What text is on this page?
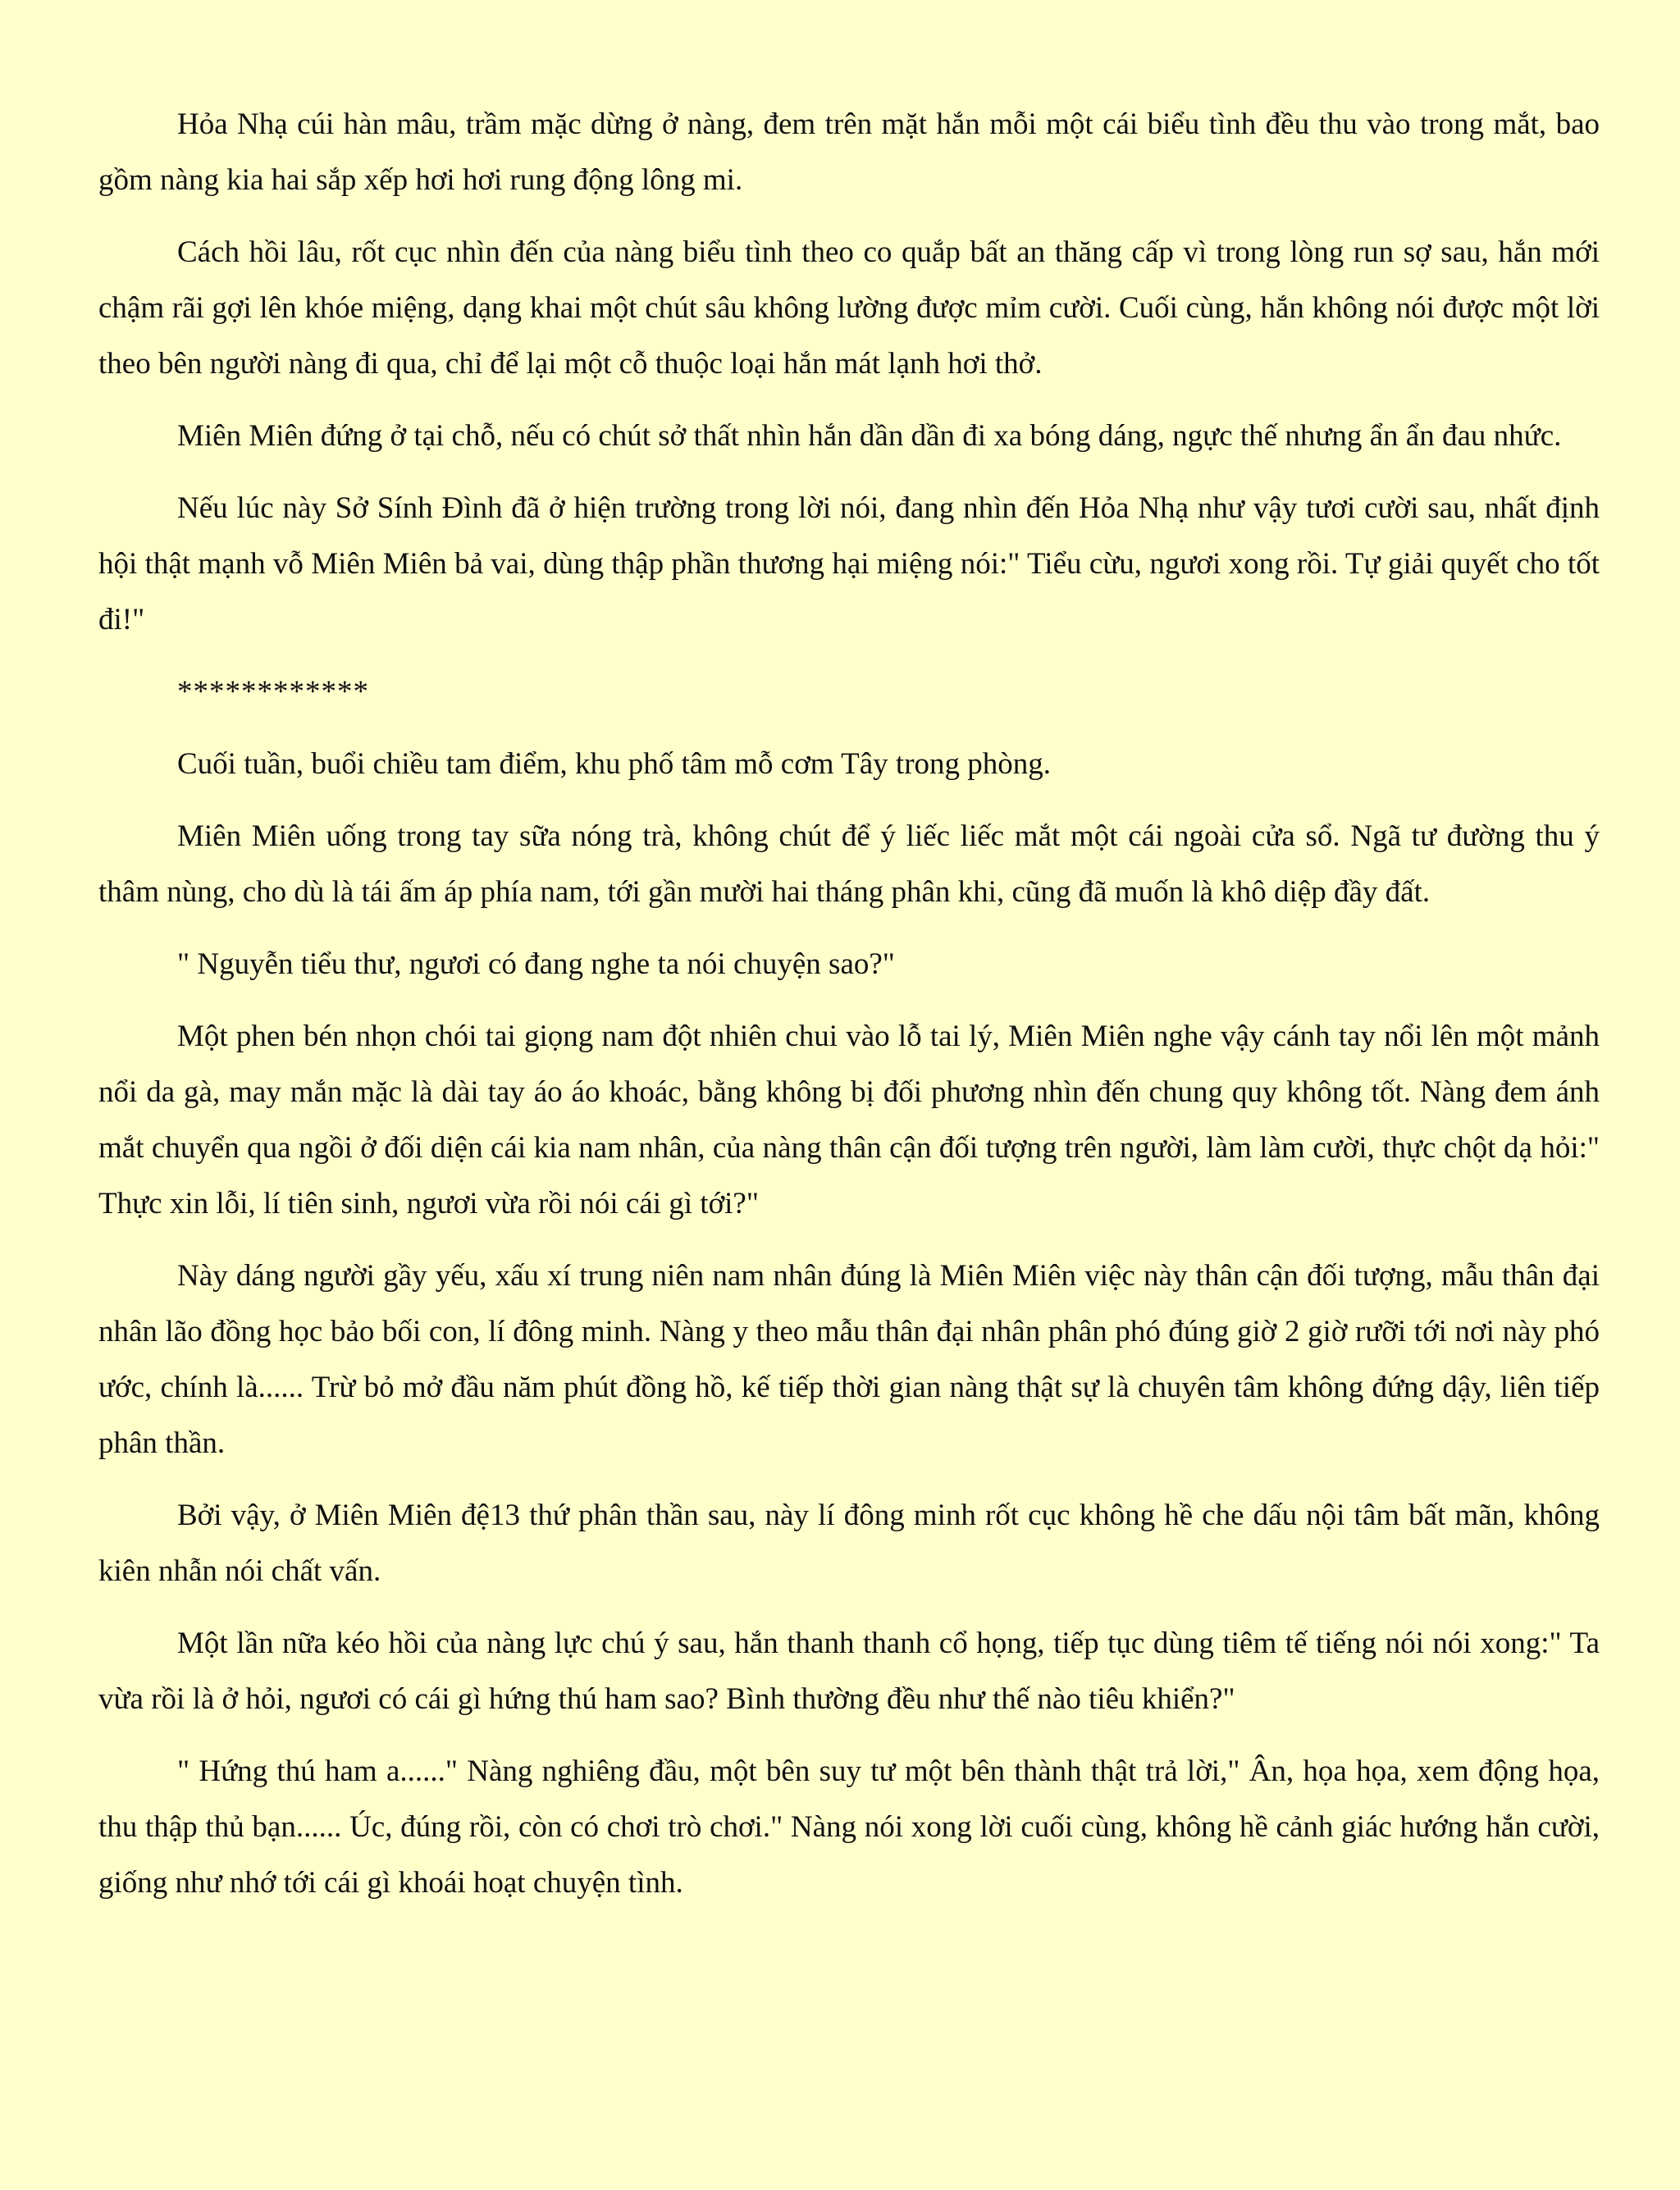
Hỏa Nhạ cúi hàn mâu, trầm mặc dừng ở nàng, đem trên mặt hắn mỗi một cái biểu tình đều thu vào trong mắt, bao gồm nàng kia hai sắp xếp hơi hơi rung động lông mi.

Cách hồi lâu, rốt cục nhìn đến của nàng biểu tình theo co quắp bất an thăng cấp vì trong lòng run sợ sau, hắn mới chậm rãi gợi lên khóe miệng, dạng khai một chút sâu không lường được mỉm cười. Cuối cùng, hắn không nói được một lời theo bên người nàng đi qua, chỉ để lại một cỗ thuộc loại hắn mát lạnh hơi thở.

Miên Miên đứng ở tại chỗ, nếu có chút sở thất nhìn hắn dần dần đi xa bóng dáng, ngực thế nhưng ẩn ẩn đau nhức.

Nếu lúc này Sở Sính Đình đã ở hiện trường trong lời nói, đang nhìn đến Hỏa Nhạ như vậy tươi cười sau, nhất định hội thật mạnh vỗ Miên Miên bả vai, dùng thập phần thương hại miệng nói:" Tiểu cừu, ngươi xong rồi. Tự giải quyết cho tốt đi!"

************

Cuối tuần, buổi chiều tam điểm, khu phố tâm mỗ cơm Tây trong phòng.

Miên Miên uống trong tay sữa nóng trà, không chút để ý liếc liếc mắt một cái ngoài cửa sổ. Ngã tư đường thu ý thâm nùng, cho dù là tái ấm áp phía nam, tới gần mười hai tháng phân khi, cũng đã muốn là khô diệp đầy đất.

" Nguyễn tiểu thư, ngươi có đang nghe ta nói chuyện sao?"

Một phen bén nhọn chói tai giọng nam đột nhiên chui vào lỗ tai lý, Miên Miên nghe vậy cánh tay nổi lên một mảnh nổi da gà, may mắn mặc là dài tay áo áo khoác, bằng không bị đối phương nhìn đến chung quy không tốt. Nàng đem ánh mắt chuyển qua ngồi ở đối diện cái kia nam nhân, của nàng thân cận đối tượng trên người, làm làm cười, thực chột dạ hỏi:" Thực xin lỗi, lí tiên sinh, ngươi vừa rồi nói cái gì tới?"

Này dáng người gầy yếu, xấu xí trung niên nam nhân đúng là Miên Miên việc này thân cận đối tượng, mẫu thân đại nhân lão đồng học bảo bối con, lí đông minh. Nàng y theo mẫu thân đại nhân phân phó đúng giờ 2 giờ rưỡi tới nơi này phó ước, chính là...... Trừ bỏ mở đầu năm phút đồng hồ, kế tiếp thời gian nàng thật sự là chuyên tâm không đứng dậy, liên tiếp phân thần.

Bởi vậy, ở Miên Miên đệ13 thứ phân thần sau, này lí đông minh rốt cục không hề che dấu nội tâm bất mãn, không kiên nhẫn nói chất vấn.

Một lần nữa kéo hồi của nàng lực chú ý sau, hắn thanh thanh cổ họng, tiếp tục dùng tiêm tế tiếng nói nói xong:" Ta vừa rồi là ở hỏi, ngươi có cái gì hứng thú ham sao? Bình thường đều như thế nào tiêu khiển?"

" Hứng thú ham a......" Nàng nghiêng đầu, một bên suy tư một bên thành thật trả lời," Ân, họa họa, xem động họa, thu thập thủ bạn...... Úc, đúng rồi, còn có chơi trò chơi." Nàng nói xong lời cuối cùng, không hề cảnh giác hướng hắn cười, giống như nhớ tới cái gì khoái hoạt chuyện tình.
